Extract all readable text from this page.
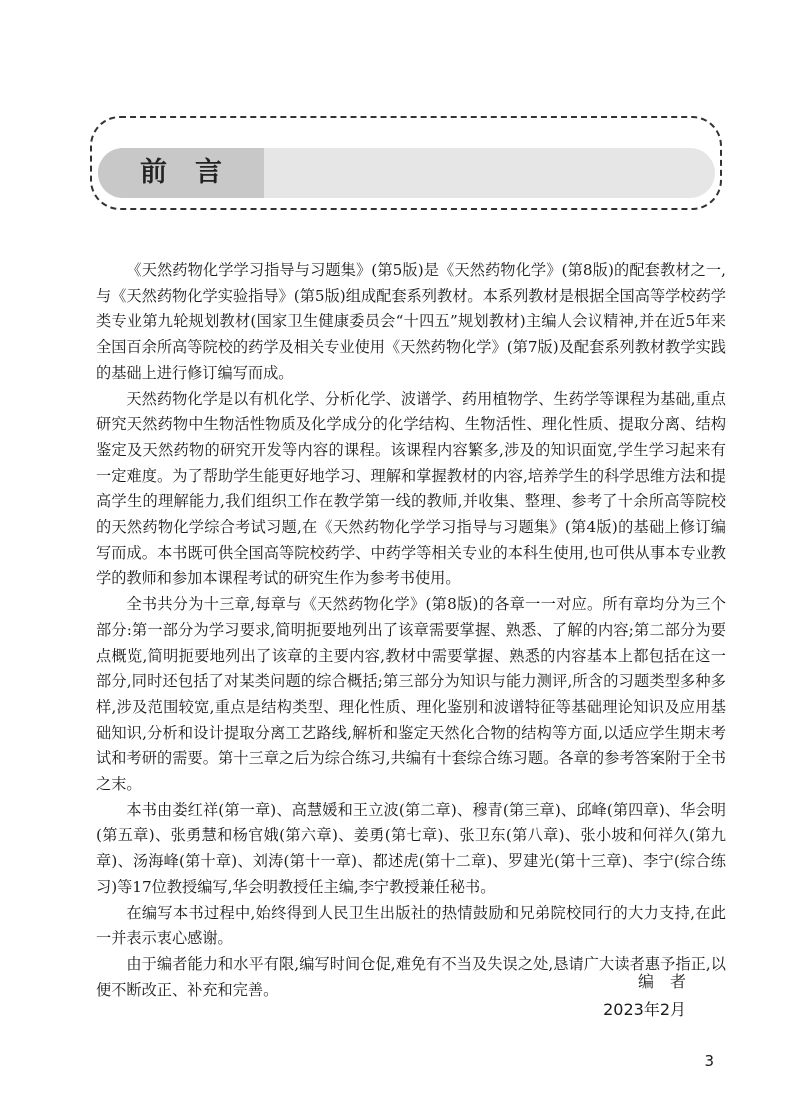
前言

《天然药物化学学习指导与习题集》(第5版)是《天然药物化学》(第8版)的配套教材之一,与《天然药物化学实验指导》(第5版)组成配套系列教材。本系列教材是根据全国高等学校药学类专业第九轮规划教材(国家卫生健康委员会“十四五”规划教材)主编人会议精神,并在近5年来全国百余所高等院校的药学及相关专业使用《天然药物化学》(第7版)及配套系列教材教学实践的基础上进行修订编写而成。

天然药物化学是以有机化学、分析化学、波谱学、药用植物学、生药学等课程为基础,重点研究天然药物中生物活性物质及化学成分的化学结构、生物活性、理化性质、提取分离、结构鉴定及天然药物的研究开发等内容的课程。该课程内容繁多,涉及的知识面宽,学生学习起来有一定难度。为了帮助学生能更好地学习、理解和掌握教材的内容,培养学生的科学思维方法和提高学生的理解能力,我们组织工作在教学第一线的教师,并收集、整理、参考了十余所高等院校的天然药物化学综合考试习题,在《天然药物化学学习指导与习题集》(第4版)的基础上修订编写而成。本书既可供全国高等院校药学、中药学等相关专业的本科生使用,也可供从事本专业教学的教师和参加本课程考试的研究生作为参考书使用。

全书共分为十三章,每章与《天然药物化学》(第8版)的各章一一对应。所有章均分为三个部分:第一部分为学习要求,简明扼要地列出了该章需要掌握、熟悉、了解的内容;第二部分为要点概览,简明扼要地列出了该章的主要内容,教材中需要掌握、熟悉的内容基本上都包括在这一部分,同时还包括了对某类问题的综合概括;第三部分为知识与能力测评,所含的习题类型多种多样,涉及范围较宽,重点是结构类型、理化性质、理化鉴别和波谱特征等基础理论知识及应用基础知识,分析和设计提取分离工艺路线,解析和鉴定天然化合物的结构等方面,以适应学生期末考试和考研的需要。第十三章之后为综合练习,共编有十套综合练习题。各章的参考答案附于全书之末。

本书由娄红祥(第一章)、高慧媛和王立波(第二章)、穆青(第三章)、邱峰(第四章)、华会明(第五章)、张勇慧和杨官娥(第六章)、姜勇(第七章)、张卫东(第八章)、张小坡和何祥久(第九章)、汤海峰(第十章)、刘涛(第十一章)、都述虎(第十二章)、罗建光(第十三章)、李宁(综合练习)等17位教授编写,华会明教授任主编,李宁教授兼任秘书。

在编写本书过程中,始终得到人民卫生出版社的热情鼓励和兄弟院校同行的大力支持,在此一并表示衷心感谢。

由于编者能力和水平有限,编写时间仓促,难免有不当及失误之处,恳请广大读者惠予指正,以便不断改正、补充和完善。	编者
2023年2月
3
